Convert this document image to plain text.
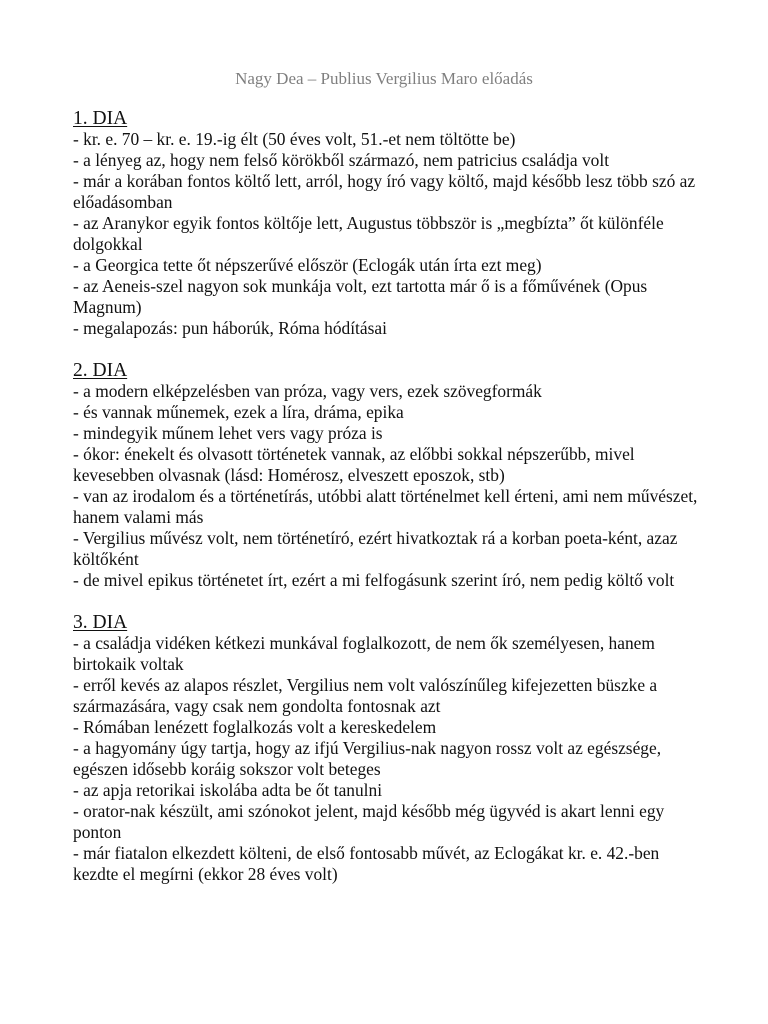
Nagy Dea – Publius Vergilius Maro előadás
1. DIA
- kr. e. 70 – kr. e. 19.-ig élt (50 éves volt, 51.-et nem töltötte be)
- a lényeg az, hogy nem felső körökből származó, nem patricius családja volt
- már a korában fontos költő lett, arról, hogy író vagy költő, majd később lesz több szó az előadásomban
- az Aranykor egyik fontos költője lett, Augustus többször is „megbízta” őt különféle dolgokkal
- a Georgica tette őt népszerűvé először (Eclogák után írta ezt meg)
- az Aeneis-szel nagyon sok munkája volt, ezt tartotta már ő is a főművének (Opus Magnum)
- megalapozás: pun háborúk, Róma hódításai
2. DIA
- a modern elképzelésben van próza, vagy vers, ezek szövegformák
- és vannak műnemek, ezek a líra, dráma, epika
- mindegyik műnem lehet vers vagy próza is
- ókor: énekelt és olvasott történetek vannak, az előbbi sokkal népszerűbb, mivel kevesebben olvasnak (lásd: Homérosz, elveszett eposzok, stb)
- van az irodalom és a történetírás, utóbbi alatt történelmet kell érteni, ami nem művészet, hanem valami más
- Vergilius művész volt, nem történetíró, ezért hivatkoztak rá a korban poeta-ként, azaz költőként
- de mivel epikus történetet írt, ezért a mi felfogásunk szerint író, nem pedig költő volt
3. DIA
- a családja vidéken kétkezi munkával foglalkozott, de nem ők személyesen, hanem birtokaik voltak
- erről kevés az alapos részlet, Vergilius nem volt valószínűleg kifejezetten büszke a származására, vagy csak nem gondolta fontosnak azt
- Rómában lenézett foglalkozás volt a kereskedelem
- a hagyomány úgy tartja, hogy az ifjú Vergilius-nak nagyon rossz volt az egészsége, egészen idősebb koráig sokszor volt beteges
- az apja retorikai iskolába adta be őt tanulni
- orator-nak készült, ami szónokot jelent, majd később még ügyvéd is akart lenni egy ponton
- már fiatalon elkezdett költeni, de első fontosabb művét, az Eclogákat kr. e. 42.-ben kezdte el megírni (ekkor 28 éves volt)
